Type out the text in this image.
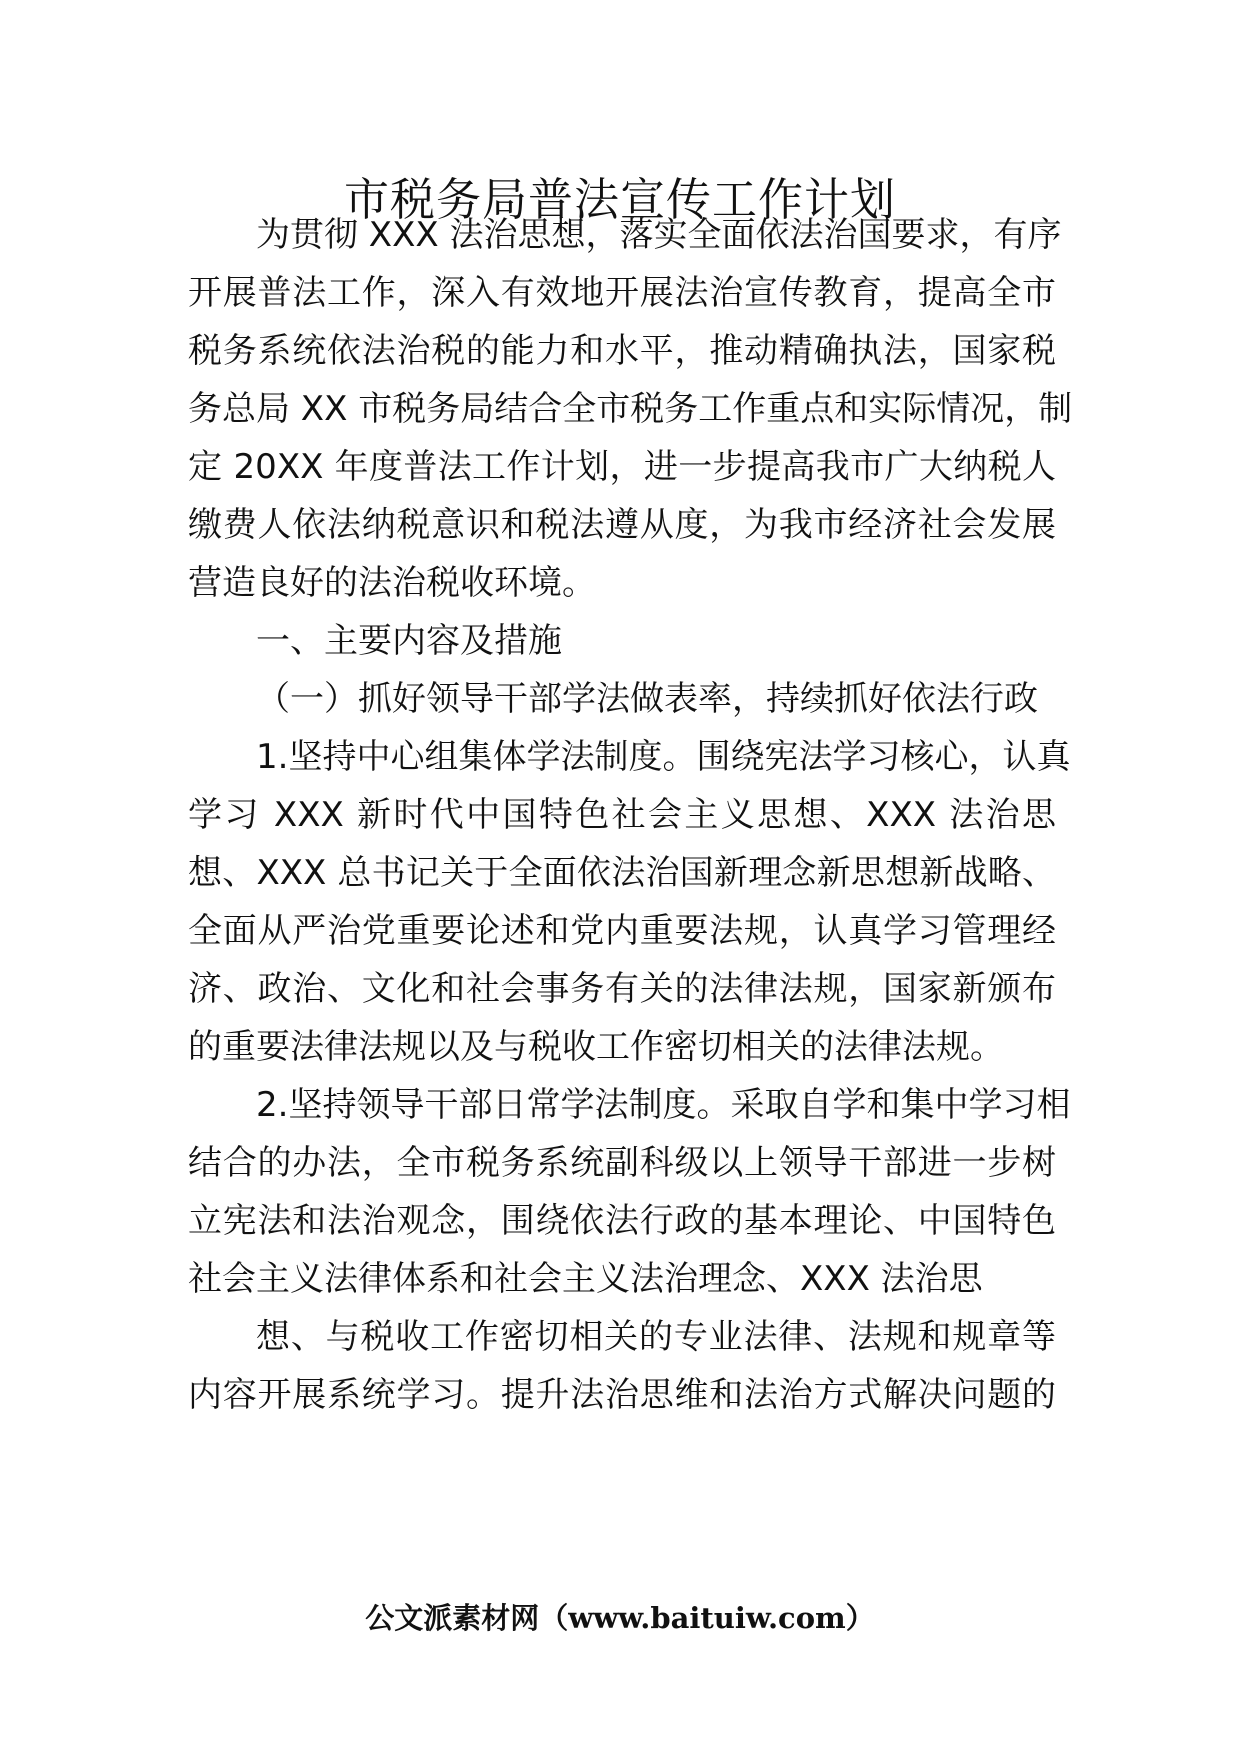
市税务局普法宣传工作计划

为贯彻 XXX 法治思想，落实全面依法治国要求，有序

开展普法工作，深入有效地开展法治宣传教育，提高全市

税务系统依法治税的能力和水平，推动精确执法，国家税

务总局 XX 市税务局结合全市税务工作重点和实际情况，制

定 20XX 年度普法工作计划，进一步提高我市广大纳税人

缴费人依法纳税意识和税法遵从度，为我市经济社会发展

营造良好的法治税收环境。

一、主要内容及措施

（一）抓好领导干部学法做表率，持续抓好依法行政

1.坚持中心组集体学法制度。围绕宪法学习核心，认真

学习 XXX 新时代中国特色社会主义思想、XXX 法治思

想、XXX 总书记关于全面依法治国新理念新思想新战略、

全面从严治党重要论述和党内重要法规，认真学习管理经

济、政治、文化和社会事务有关的法律法规，国家新颁布

的重要法律法规以及与税收工作密切相关的法律法规。

2.坚持领导干部日常学法制度。采取自学和集中学习相

结合的办法，全市税务系统副科级以上领导干部进一步树

立宪法和法治观念，围绕依法行政的基本理论、中国特色

社会主义法律体系和社会主义法治理念、XXX 法治思

想、与税收工作密切相关的专业法律、法规和规章等

内容开展系统学习。提升法治思维和法治方式解决问题的

公文派素材网（www.baituiw.com）
